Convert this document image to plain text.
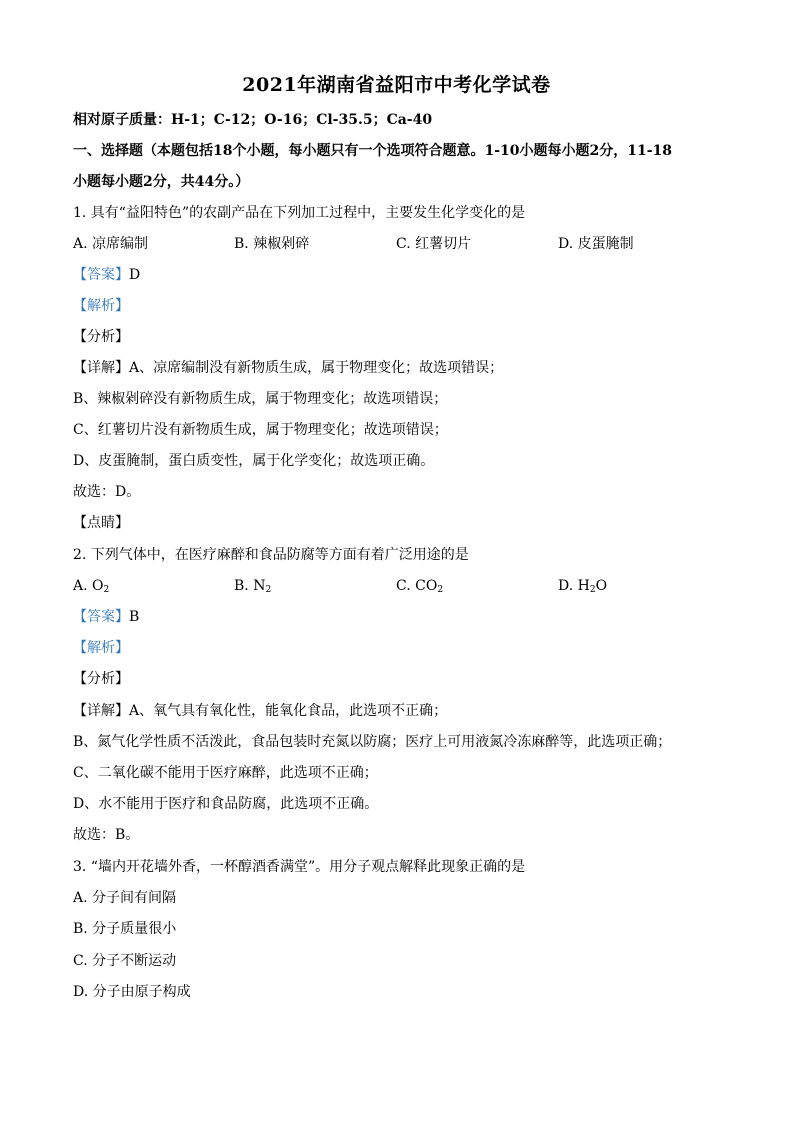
2021年湖南省益阳市中考化学试卷
相对原子质量：H-1；C-12；O-16；Cl-35.5；Ca-40
一、选择题（本题包括18个小题，每小题只有一个选项符合题意。1-10小题每小题2分，11-18
小题每小题2分，共44分。）
1. 具有“益阳特色”的农副产品在下列加工过程中，主要发生化学变化的是
A. 凉席编制	B. 辣椒剁碎	C. 红薯切片	D. 皮蛋腌制
【答案】D
【解析】
【分析】
【详解】A、凉席编制没有新物质生成，属于物理变化；故选项错误；
B、辣椒剁碎没有新物质生成，属于物理变化；故选项错误；
C、红薯切片没有新物质生成，属于物理变化；故选项错误；
D、皮蛋腌制，蛋白质变性，属于化学变化；故选项正确。
故选：D。
【点睛】
2. 下列气体中，在医疗麻醉和食品防腐等方面有着广泛用途的是
A. $O_2$	B. $N_2$	C. $CO_2$	D. $H_2O$
【答案】B
【解析】
【分析】
【详解】A、氧气具有氧化性，能氧化食品，此选项不正确；
B、氮气化学性质不活泼此，食品包装时充氮以防腐；医疗上可用液氮冷冻麻醉等，此选项正确；
C、二氧化碳不能用于医疗麻醉，此选项不正确；
D、水不能用于医疗和食品防腐，此选项不正确。
故选：B。
3. “墙内开花墙外香，一杯醇酒香满堂”。用分子观点解释此现象正确的是
A. 分子间有间隔
B. 分子质量很小
C. 分子不断运动
D. 分子由原子构成
